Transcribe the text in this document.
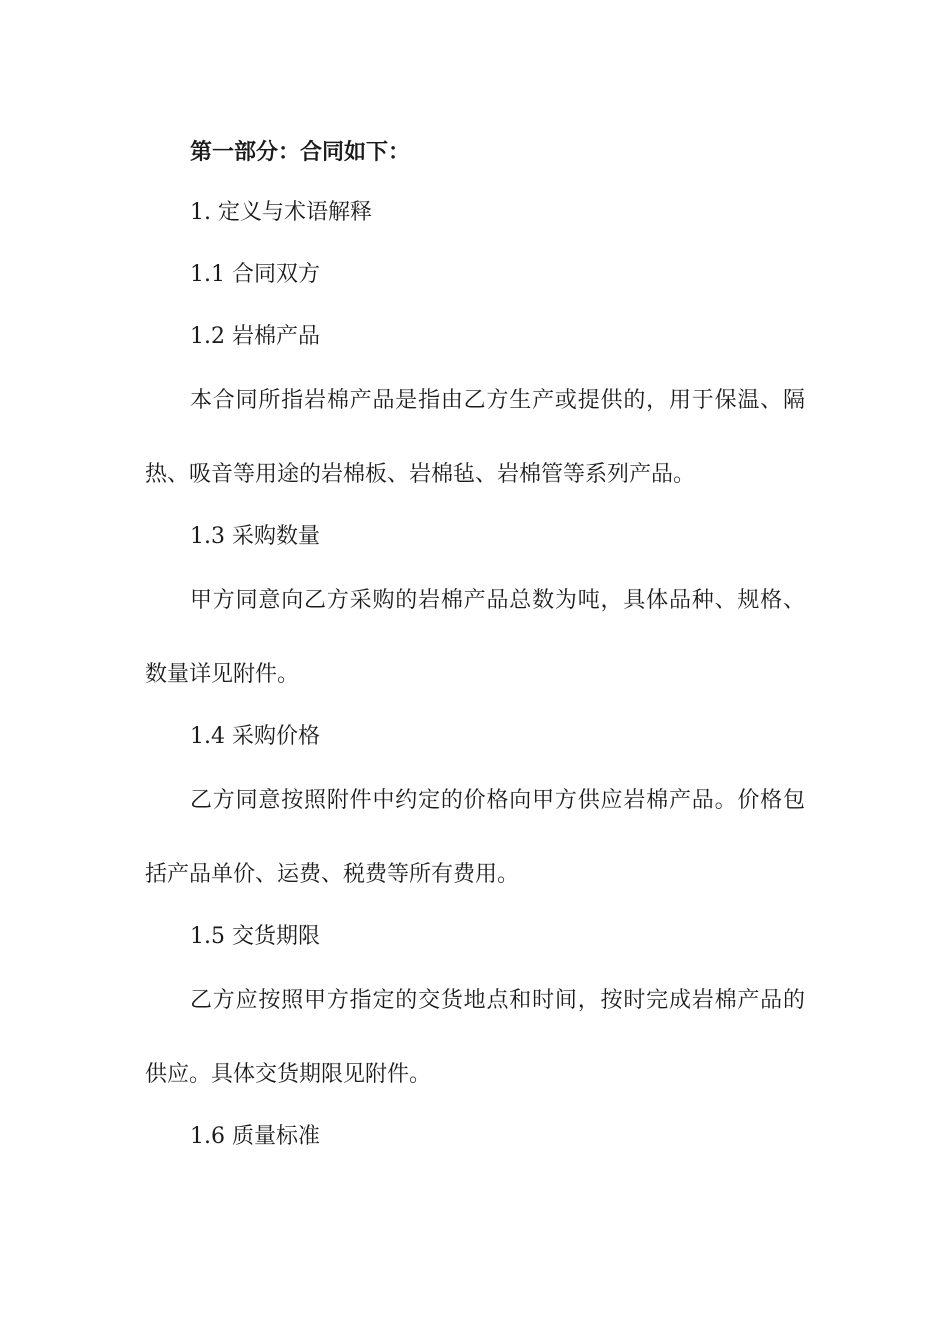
第一部分：合同如下：

1. 定义与术语解释

1.1 合同双方

1.2 岩棉产品

本合同所指岩棉产品是指由乙方生产或提供的，用于保温、隔

热、吸音等用途的岩棉板、岩棉毡、岩棉管等系列产品。

1.3 采购数量

甲方同意向乙方采购的岩棉产品总数为吨，具体品种、规格、

数量详见附件。

1.4 采购价格

乙方同意按照附件中约定的价格向甲方供应岩棉产品。价格包

括产品单价、运费、税费等所有费用。

1.5 交货期限

乙方应按照甲方指定的交货地点和时间，按时完成岩棉产品的

供应。具体交货期限见附件。

1.6 质量标准
